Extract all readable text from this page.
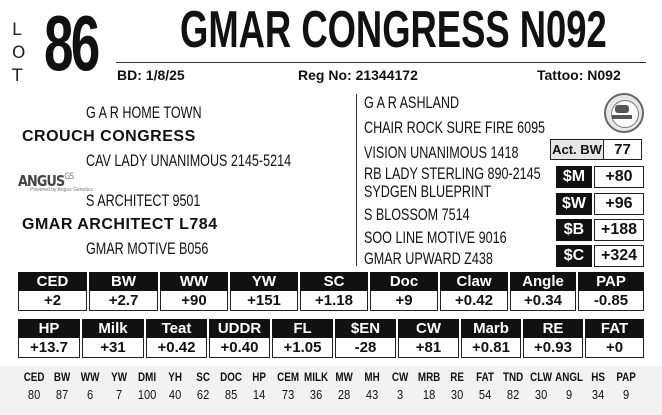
L
O
T 86 GMAR CONGRESS N092
BD: 1/8/25	Reg No: 21344172	Tattoo: N092
G A R HOME TOWN
CROUCH CONGRESS
CAV LADY UNANIMOUS 2145-5214
S ARCHITECT 9501
GMAR ARCHITECT L784
GMAR MOTIVE B056
$ANGUS^{GS}$
Powered by Angus Genetics
G A R ASHLAND
CHAIR ROCK SURE FIRE 6095
VISION UNANIMOUS 1418
RB LADY STERLING 890-2145
SYDGEN BLUEPRINT
S BLOSSOM 7514
SOO LINE MOTIVE 9016
GMAR UPWARD Z438
Act. BW 77
$M	+80
$W	+96
$B	+188
$C	+324
CED
+2
BW
+2.7
WW
+90
YW
+151
SC
+1.18
Doc
+9
Claw
+0.42
Angle
+0.34
PAP
-0.85
HP
+13.7
Milk
+31
Teat
+0.42
UDDR
+0.40
FL
+1.05
$EN
-28
CW
+81
Marb
+0.81
RE
+0.93
FAT
+0
CED
80
BW
87
WW
6
YW
7
DMI
100
YH
40
SC
62
DOC
85
HP
14
CEM
73
MILK
36
MW
28
MH
43
CW
3
MRB
18
RE
30
FAT
54
TND
82
CLW
30
ANGL
9
HS
34
PAP
9
